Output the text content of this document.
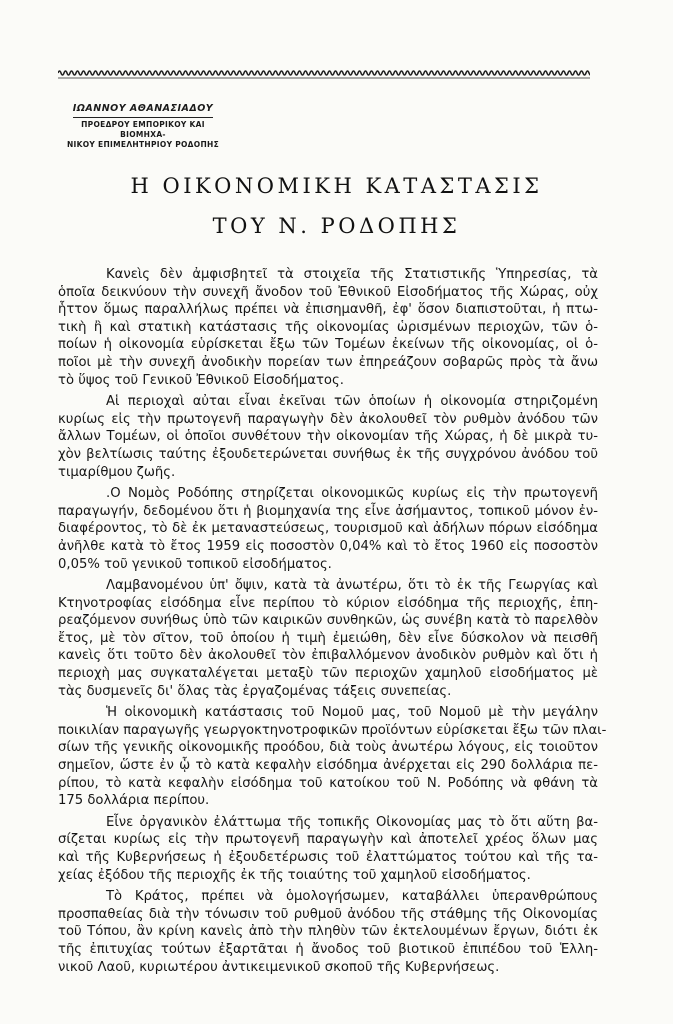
ΙΩΑΝΝΟΥ ΑΘΑΝΑΣΙΑΔΟΥ
ΠΡΟΕΔΡΟΥ ΕΜΠΟΡΙΚΟΥ ΚΑΙ ΒΙΟΜΗΧΑ-
ΝΙΚΟΥ ΕΠΙΜΕΛΗΤΗΡΙΟΥ ΡΟΔΟΠΗΣ
Η ΟΙΚΟΝΟΜΙΚΗ ΚΑΤΑΣΤΑΣΙΣ
ΤΟΥ Ν. ΡΟΔΟΠΗΣ
Κανεὶς δὲν ἀμφισβητεῖ τὰ στοιχεῖα τῆς Στατιστικῆς Ὑπηρεσίας, τὰ
ὁποῖα δεικνύουν τὴν συνεχῆ ἄνοδον τοῦ Ἐθνικοῦ Εἰσοδήματος τῆς Χώρας, οὐχ
ἧττον ὅμως παραλλήλως πρέπει νὰ ἐπισημανθῆ, ἐφ' ὅσον διαπιστοῦται, ἡ πτω-
τικὴ ἢ καὶ στατικὴ κατάστασις τῆς οἰκονομίας ὡρισμένων περιοχῶν, τῶν ὁ-
ποίων ἡ οἰκονομία εὑρίσκεται ἔξω τῶν Τομέων ἐκείνων τῆς οἰκονομίας, οἱ ὁ-
ποῖοι μὲ τὴν συνεχῆ ἀνοδικὴν πορείαν των ἐπηρεάζουν σοβαρῶς πρὸς τὰ ἄνω
τὸ ὕψος τοῦ Γενικοῦ Ἐθνικοῦ Εἰσοδήματος.
Αἱ περιοχαὶ αὐται εἶναι ἐκεῖναι τῶν ὁποίων ἡ οἰκονομία στηριζομένη
κυρίως εἰς τὴν πρωτογενῆ παραγωγὴν δὲν ἀκολουθεῖ τὸν ρυθμὸν ἀνόδου τῶν
ἄλλων Τομέων, οἱ ὁποῖοι συνθέτουν τὴν οἰκονομίαν τῆς Χώρας, ἡ δὲ μικρὰ τυ-
χὸν βελτίωσις ταύτης ἐξουδετερώνεται συνήθως ἐκ τῆς συγχρόνου ἀνόδου τοῦ
τιμαρίθμου ζωῆς.
.Ο Νομὸς Ροδόπης στηρίζεται οἰκονομικῶς κυρίως εἰς τὴν πρωτογενῆ
παραγωγήν, δεδομένου ὅτι ἡ βιομηχανία της εἶνε ἀσήμαντος, τοπικοῦ μόνον ἐν-
διαφέροντος, τὸ δὲ ἐκ μεταναστεύσεως, τουρισμοῦ καὶ ἀδήλων πόρων εἰσόδημα
ἀνῆλθε κατὰ τὸ ἔτος 1959 εἰς ποσοστὸν 0,04% καὶ τὸ ἔτος 1960 εἰς ποσοστὸν
0,05% τοῦ γενικοῦ τοπικοῦ εἰσοδήματος.
Λαμβανομένου ὑπ' ὄψιν, κατὰ τὰ ἀνωτέρω, ὅτι τὸ ἐκ τῆς Γεωργίας καὶ
Κτηνοτροφίας εἰσόδημα εἶνε περίπου τὸ κύριον εἰσόδημα τῆς περιοχῆς, ἐπη-
ρεαζόμενον συνήθως ὑπὸ τῶν καιρικῶν συνθηκῶν, ὡς συνέβη κατὰ τὸ παρελθὸν
ἔτος, μὲ τὸν σῖτον, τοῦ ὁποίου ἡ τιμὴ ἐμειώθη, δὲν εἶνε δύσκολον νὰ πεισθῆ
κανεὶς ὅτι τοῦτο δὲν ἀκολουθεῖ τὸν ἐπιβαλλόμενον ἀνοδικὸν ρυθμὸν καὶ ὅτι ἡ
περιοχὴ μας συγκαταλέγεται μεταξὺ τῶν περιοχῶν χαμηλοῦ εἰσοδήματος μὲ
τὰς δυσμενεῖς δι' ὅλας τὰς ἐργαζομένας τάξεις συνεπείας.
Ἡ οἰκονομικὴ κατάστασις τοῦ Νομοῦ μας, τοῦ Νομοῦ μὲ τὴν μεγάλην
ποικιλίαν παραγωγῆς γεωργοκτηνοτροφικῶν προϊόντων εὑρίσκεται ἔξω τῶν πλαι-
σίων τῆς γενικῆς οἰκονομικῆς προόδου, διὰ τοὺς ἀνωτέρω λόγους, εἰς τοιοῦτον
σημεῖον, ὥστε ἐν ᾧ τὸ κατὰ κεφαλὴν εἰσόδημα ἀνέρχεται εἰς 290 δολλάρια πε-
ρίπου, τὸ κατὰ κεφαλὴν εἰσόδημα τοῦ κατοίκου τοῦ Ν. Ροδόπης νὰ φθάνη τὰ
175 δολλάρια περίπου.
Εἶνε ὀργανικὸν ἐλάττωμα τῆς τοπικῆς Οἰκονομίας μας τὸ ὅτι αὕτη βα-
σίζεται κυρίως εἰς τὴν πρωτογενῆ παραγωγὴν καὶ ἀποτελεῖ χρέος ὅλων μας
καὶ τῆς Κυβερνήσεως ἡ ἐξουδετέρωσις τοῦ ἐλαττώματος τούτου καὶ τῆς τα-
χείας ἐξόδου τῆς περιοχῆς ἐκ τῆς τοιαύτης τοῦ χαμηλοῦ εἰσοδήματος.
Τὸ Κράτος, πρέπει νὰ ὁμολογήσωμεν, καταβάλλει ὑπερανθρώπους
προσπαθείας διὰ τὴν τόνωσιν τοῦ ρυθμοῦ ἀνόδου τῆς στάθμης τῆς Οἰκονομίας
τοῦ Τόπου, ἂν κρίνη κανεὶς ἀπὸ τὴν πληθὺν τῶν ἐκτελουμένων ἔργων, διότι ἐκ
τῆς ἐπιτυχίας τούτων ἐξαρτᾶται ἡ ἄνοδος τοῦ βιοτικοῦ ἐπιπέδου τοῦ Ἑλλη-
νικοῦ Λαοῦ, κυριωτέρου ἀντικειμενικοῦ σκοποῦ τῆς Κυβερνήσεως.
